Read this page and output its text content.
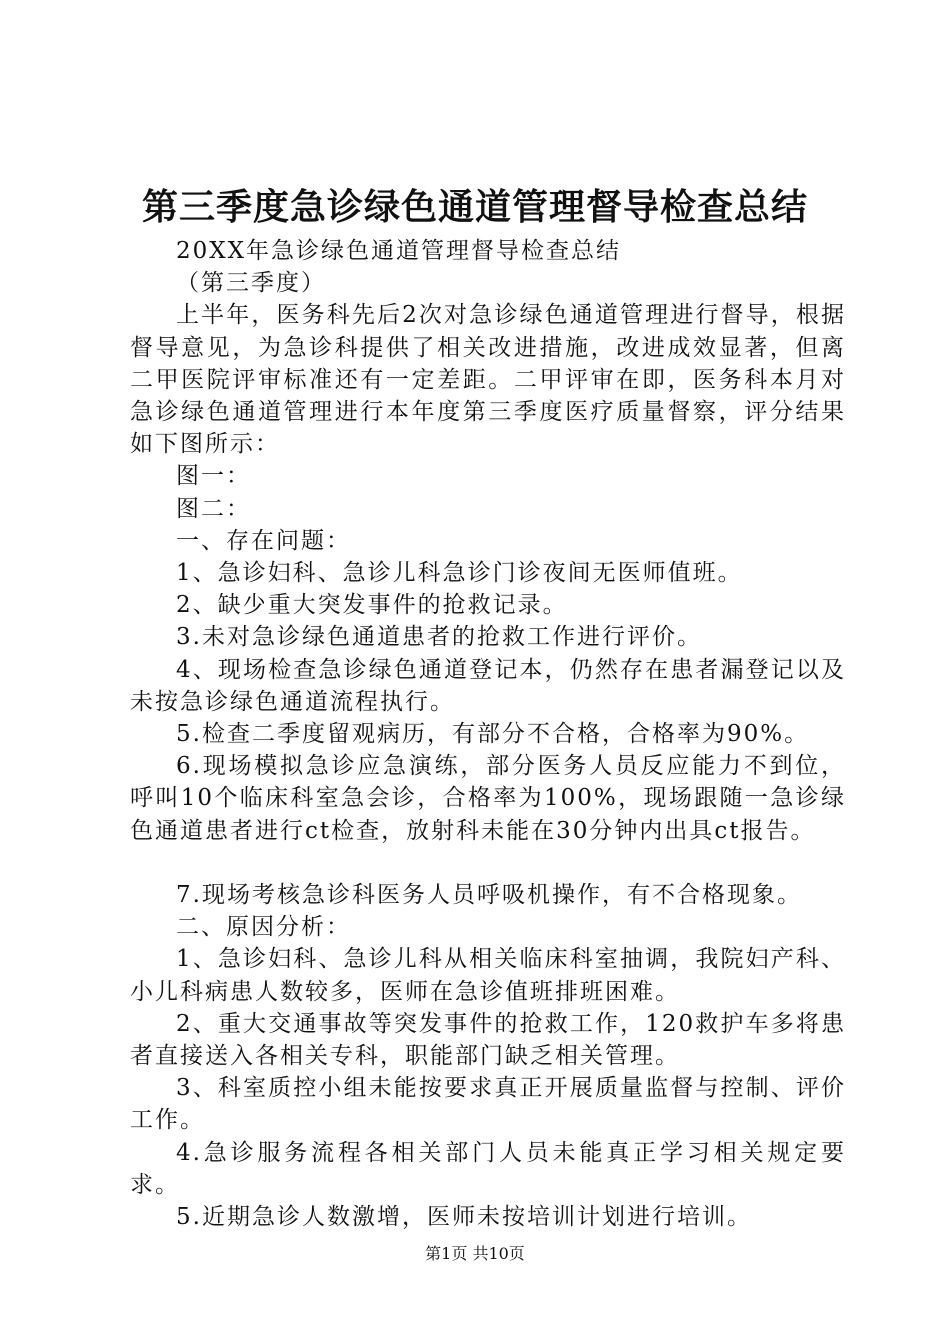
第三季度急诊绿色通道管理督导检查总结

20XX年急诊绿色通道管理督导检查总结

（第三季度）

上半年，医务科先后2次对急诊绿色通道管理进行督导，根据督导意见，为急诊科提供了相关改进措施，改进成效显著，但离二甲医院评审标准还有一定差距。二甲评审在即，医务科本月对急诊绿色通道管理进行本年度第三季度医疗质量督察，评分结果如下图所示：

图一：

图二：

一、存在问题：

1、急诊妇科、急诊儿科急诊门诊夜间无医师值班。

2、缺少重大突发事件的抢救记录。

3.未对急诊绿色通道患者的抢救工作进行评价。

4、现场检查急诊绿色通道登记本，仍然存在患者漏登记以及未按急诊绿色通道流程执行。

5.检查二季度留观病历，有部分不合格，合格率为90%。

6.现场模拟急诊应急演练，部分医务人员反应能力不到位，呼叫10个临床科室急会诊，合格率为100%，现场跟随一急诊绿色通道患者进行ct检查，放射科未能在30分钟内出具ct报告。

7.现场考核急诊科医务人员呼吸机操作，有不合格现象。

二、原因分析：

1、急诊妇科、急诊儿科从相关临床科室抽调，我院妇产科、小儿科病患人数较多，医师在急诊值班排班困难。

2、重大交通事故等突发事件的抢救工作，120救护车多将患者直接送入各相关专科，职能部门缺乏相关管理。

3、科室质控小组未能按要求真正开展质量监督与控制、评价工作。

4.急诊服务流程各相关部门人员未能真正学习相关规定要求。

5.近期急诊人数激增，医师未按培训计划进行培训。

第1页 共10页
